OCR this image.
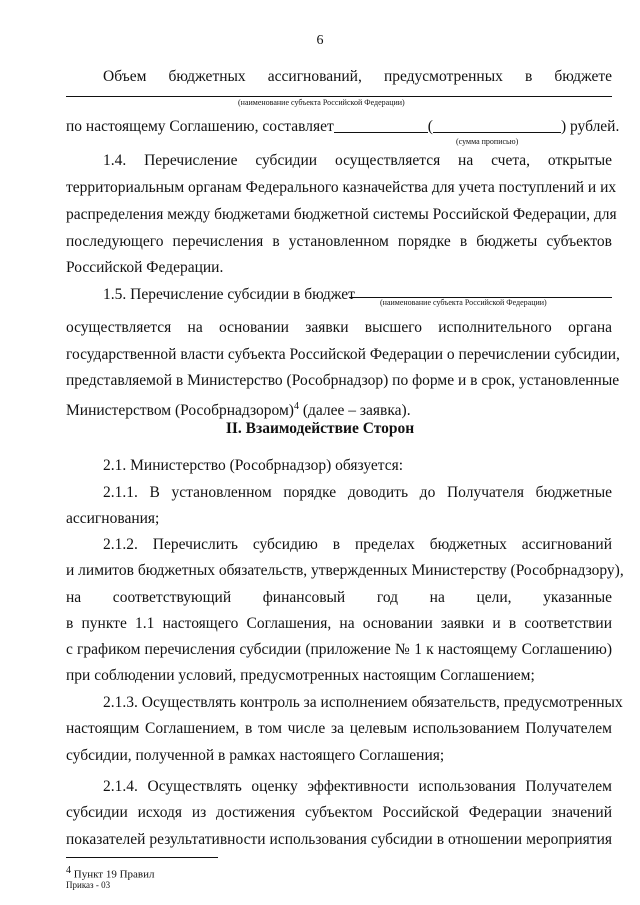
6
Объем бюджетных ассигнований, предусмотренных в бюджете
(наименование субъекта Российской Федерации)
по настоящему Соглашению, составляет	(	) рублей.
(сумма прописью)
1.4. Перечисление субсидии осуществляется на счета, открытые
территориальным органам Федерального казначейства для учета поступлений и их
распределения между бюджетами бюджетной системы Российской Федерации, для
последующего перечисления в установленном порядке в бюджеты субъектов
Российской Федерации.
1.5. Перечисление субсидии в бюджет	(наименование субъекта Российской Федерации)
осуществляется на основании заявки высшего исполнительного органа
государственной власти субъекта Российской Федерации о перечислении субсидии,
представляемой в Министерство (Рособрнадзор) по форме и в срок, установленные
Министерством (Рособрнадзором)$^4$ (далее – заявка).
II. Взаимодействие Сторон
2.1. Министерство (Рособрнадзор) обязуется:
2.1.1. В установленном порядке доводить до Получателя бюджетные
ассигнования;
2.1.2. Перечислить субсидию в пределах бюджетных ассигнований
и лимитов бюджетных обязательств, утвержденных Министерству (Рособрнадзору),
на соответствующий финансовый год на цели, указанные
в пункте 1.1 настоящего Соглашения, на основании заявки и в соответствии
с графиком перечисления субсидии (приложение № 1 к настоящему Соглашению)
при соблюдении условий, предусмотренных настоящим Соглашением;
2.1.3. Осуществлять контроль за исполнением обязательств, предусмотренных
настоящим Соглашением, в том числе за целевым использованием Получателем
субсидии, полученной в рамках настоящего Соглашения;
2.1.4. Осуществлять оценку эффективности использования Получателем
субсидии исходя из достижения субъектом Российской Федерации значений
показателей результативности использования субсидии в отношении мероприятия
$^4$ Пункт 19 Правил
Приказ - 03
